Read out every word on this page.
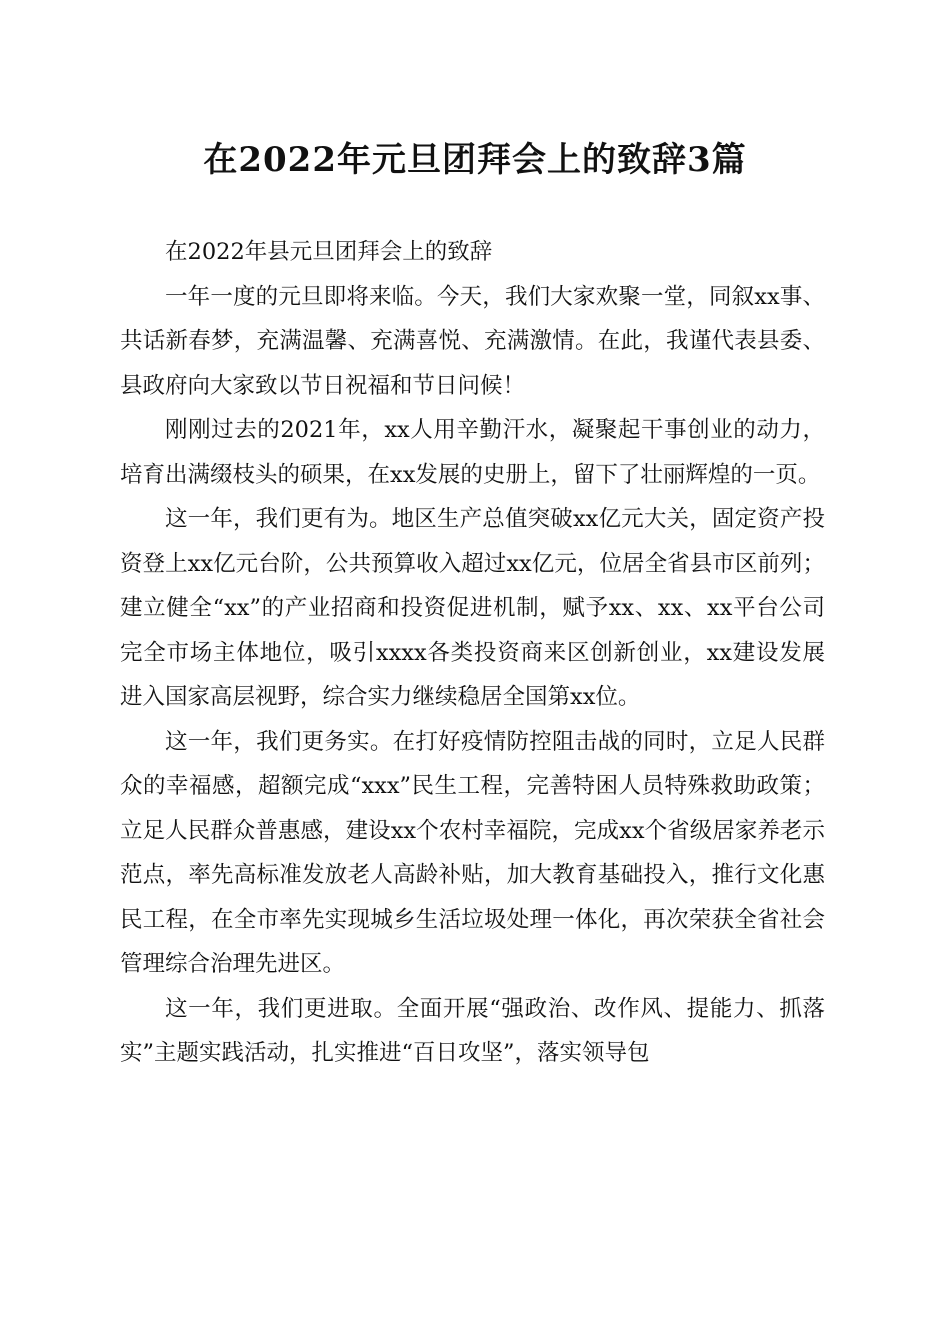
在2022年元旦团拜会上的致辞3篇

在2022年县元旦团拜会上的致辞

一年一度的元旦即将来临。今天，我们大家欢聚一堂，同叙xx事、共话新春梦，充满温馨、充满喜悦、充满激情。在此，我谨代表县委、县政府向大家致以节日祝福和节日问候！

刚刚过去的2021年，xx人用辛勤汗水，凝聚起干事创业的动力，培育出满缀枝头的硕果，在xx发展的史册上，留下了壮丽辉煌的一页。

这一年，我们更有为。地区生产总值突破xx亿元大关，固定资产投资登上xx亿元台阶，公共预算收入超过xx亿元，位居全省县市区前列；建立健全“xx”的产业招商和投资促进机制，赋予xx、xx、xx平台公司完全市场主体地位，吸引xxxx各类投资商来区创新创业，xx建设发展进入国家高层视野，综合实力继续稳居全国第xx位。

这一年，我们更务实。在打好疫情防控阻击战的同时，立足人民群众的幸福感，超额完成“xxx”民生工程，完善特困人员特殊救助政策；立足人民群众普惠感，建设xx个农村幸福院，完成xx个省级居家养老示范点，率先高标准发放老人高龄补贴，加大教育基础投入，推行文化惠民工程，在全市率先实现城乡生活垃圾处理一体化，再次荣获全省社会管理综合治理先进区。

这一年，我们更进取。全面开展“强政治、改作风、提能力、抓落实”主题实践活动，扎实推进“百日攻坚”，落实领导包
